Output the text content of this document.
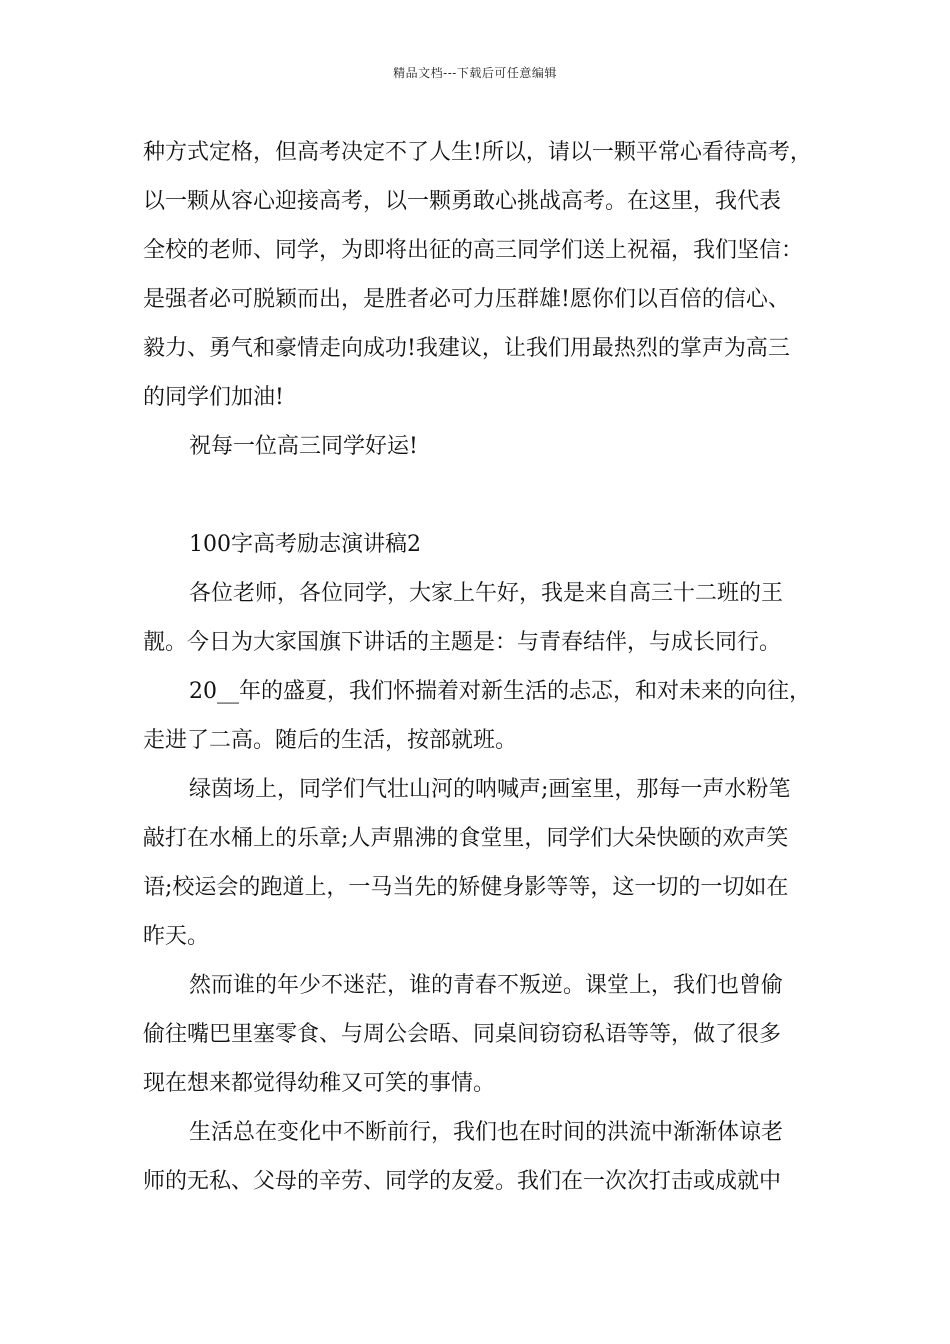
精品文档---下载后可任意编辑

种方式定格，但高考决定不了人生!所以，请以一颗平常心看待高考，

以一颗从容心迎接高考，以一颗勇敢心挑战高考。在这里，我代表

全校的老师、同学，为即将出征的高三同学们送上祝福，我们坚信：

是强者必可脱颖而出，是胜者必可力压群雄!愿你们以百倍的信心、

毅力、勇气和豪情走向成功!我建议，让我们用最热烈的掌声为高三

的同学们加油!

祝每一位高三同学好运!

100字高考励志演讲稿2

各位老师，各位同学，大家上午好，我是来自高三十二班的王

靓。今日为大家国旗下讲话的主题是：与青春结伴，与成长同行。

20__年的盛夏，我们怀揣着对新生活的忐忑，和对未来的向往，

走进了二高。随后的生活，按部就班。

绿茵场上，同学们气壮山河的呐喊声;画室里，那每一声水粉笔

敲打在水桶上的乐章;人声鼎沸的食堂里，同学们大朵快颐的欢声笑

语;校运会的跑道上，一马当先的矫健身影等等，这一切的一切如在

昨天。

然而谁的年少不迷茫，谁的青春不叛逆。课堂上，我们也曾偷

偷往嘴巴里塞零食、与周公会晤、同桌间窃窃私语等等，做了很多

现在想来都觉得幼稚又可笑的事情。

生活总在变化中不断前行，我们也在时间的洪流中渐渐体谅老

师的无私、父母的辛劳、同学的友爱。我们在一次次打击或成就中
